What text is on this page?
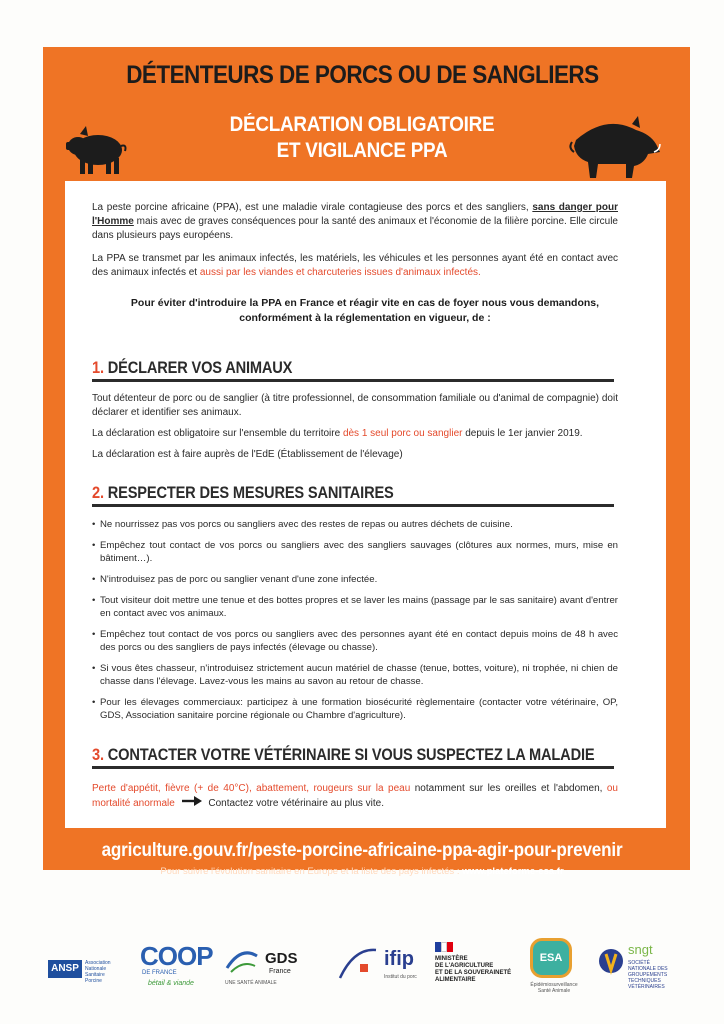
DÉTENTEURS DE PORCS OU DE SANGLIERS
DÉCLARATION OBLIGATOIRE
ET VIGILANCE PPA

La peste porcine africaine (PPA), est une maladie virale contagieuse des porcs et des sangliers, sans danger pour l'Homme mais avec de graves conséquences pour la santé des animaux et l'économie de la filière porcine. Elle circule dans plusieurs pays européens.

La PPA se transmet par les animaux infectés, les matériels, les véhicules et les personnes ayant été en contact avec des animaux infectés et aussi par les viandes et charcuteries issues d'animaux infectés.

Pour éviter d'introduire la PPA en France et réagir vite en cas de foyer nous vous demandons, conformément à la réglementation en vigueur, de :

1. DÉCLARER VOS ANIMAUX

Tout détenteur de porc ou de sanglier (à titre professionnel, de consommation familiale ou d'animal de compagnie) doit déclarer et identifier ses animaux.

La déclaration est obligatoire sur l'ensemble du territoire dès 1 seul porc ou sanglier depuis le 1er janvier 2019.

La déclaration est à faire auprès de l'EdE (Établissement de l'élevage)

2. RESPECTER DES MESURES SANITAIRES
• Ne nourrissez pas vos porcs ou sangliers avec des restes de repas ou autres déchets de cuisine.
• Empêchez tout contact de vos porcs ou sangliers avec des sangliers sauvages (clôtures aux normes, murs, mise en bâtiment…).
• N'introduisez pas de porc ou sanglier venant d'une zone infectée.
• Tout visiteur doit mettre une tenue et des bottes propres et se laver les mains (passage par le sas sanitaire) avant d'entrer en contact avec vos animaux.
• Empêchez tout contact de vos porcs ou sangliers avec des personnes ayant été en contact depuis moins de 48 h avec des porcs ou des sangliers de pays infectés (élevage ou chasse).
• Si vous êtes chasseur, n'introduisez strictement aucun matériel de chasse (tenue, bottes, voiture), ni trophée, ni chien de chasse dans l'élevage. Lavez-vous les mains au savon au retour de chasse.
• Pour les élevages commerciaux: participez à une formation biosécurité règlementaire (contacter votre vétérinaire, OP, GDS, Association sanitaire porcine régionale ou Chambre d'agriculture).
3. CONTACTER VOTRE VÉTÉRINAIRE SI VOUS SUSPECTEZ LA MALADIE

Perte d'appétit, fièvre (+ de 40°C), abattement, rougeurs sur la peau notamment sur les oreilles et l'abdomen, ou mortalité anormale	Contactez votre vétérinaire au plus vite.

agriculture.gouv.fr/peste-porcine-africaine-ppa-agir-pour-prevenir
Pour suivre l'évolution sanitaire en Europe et la liste des pays infectés : www.plateforme-esa.fr
ANSP	Association Nationale Sanitaire Porcine
COOP
DE FRANCE
bétail & viande
GDS
France
UNE SANTÉ ANIMALE
ifip
Institut du porc
MINISTÈRE
DE L'AGRICULTURE
ET DE LA SOUVERAINETÉ
ALIMENTAIRE
ESA
Épidémiosurveillance Santé Animale
sngt
SOCIÉTÉ NATIONALE DES GROUPEMENTS TECHNIQUES VÉTÉRINAIRES
